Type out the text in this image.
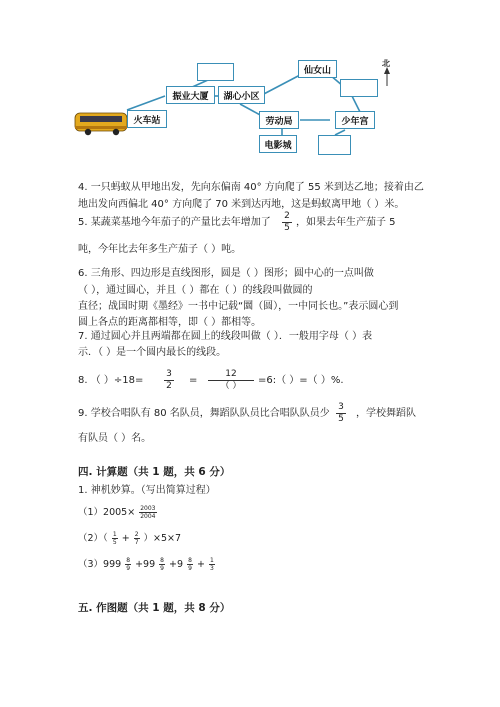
振业大厦 湖心小区
火车站
仙女山
劳动局	少年宫
电影城
北
4. 一只蚂蚁从甲地出发，先向东偏南 40° 方向爬了 55 米到达乙地；接着由乙
地出发向西偏北 40° 方向爬了 70 米到达丙地，这是蚂蚁离甲地（ ）米。
5. 某蔬菜基地今年茄子的产量比去年增加了
2
5 ，如果去年生产茄子 5
吨，今年比去年多生产茄子（ ）吨。
6. 三角形、四边形是直线图形，圆是（ ）图形；圆中心的一点叫做
（ ），通过圆心，并且（ ）都在（ ）的线段叫做圆的
直径；战国时期《墨经》一书中记载“圜（圆），一中同长也。”表示圆心到
圆上各点的距离都相等，即（ ）都相等。
7. 通过圆心并且两端都在圆上的线段叫做（ ）．一般用字母（ ）表
示．（ ）是一个圆内最长的线段。
8. （ ）÷18=
3
2 =
12
（ ）	=6:（ ）=（ ）%.
9. 学校合唱队有 80 名队员，舞蹈队队员比合唱队队员少
3
5 ，学校舞蹈队
有队员（ ）名。
四. 计算题（共 1 题，共 6 分）
1. 神机妙算。（写出简算过程）
$(1)2005\times \frac{2003}{2004}$
$(2)( \frac{1}{5} + \frac{2}{7} )\times 5\times 7$
$(3)999 \frac{8}{9} +99 \frac{8}{9} +9 \frac{8}{9} + \frac{1}{3}$
五. 作图题（共 1 题，共 8 分）
